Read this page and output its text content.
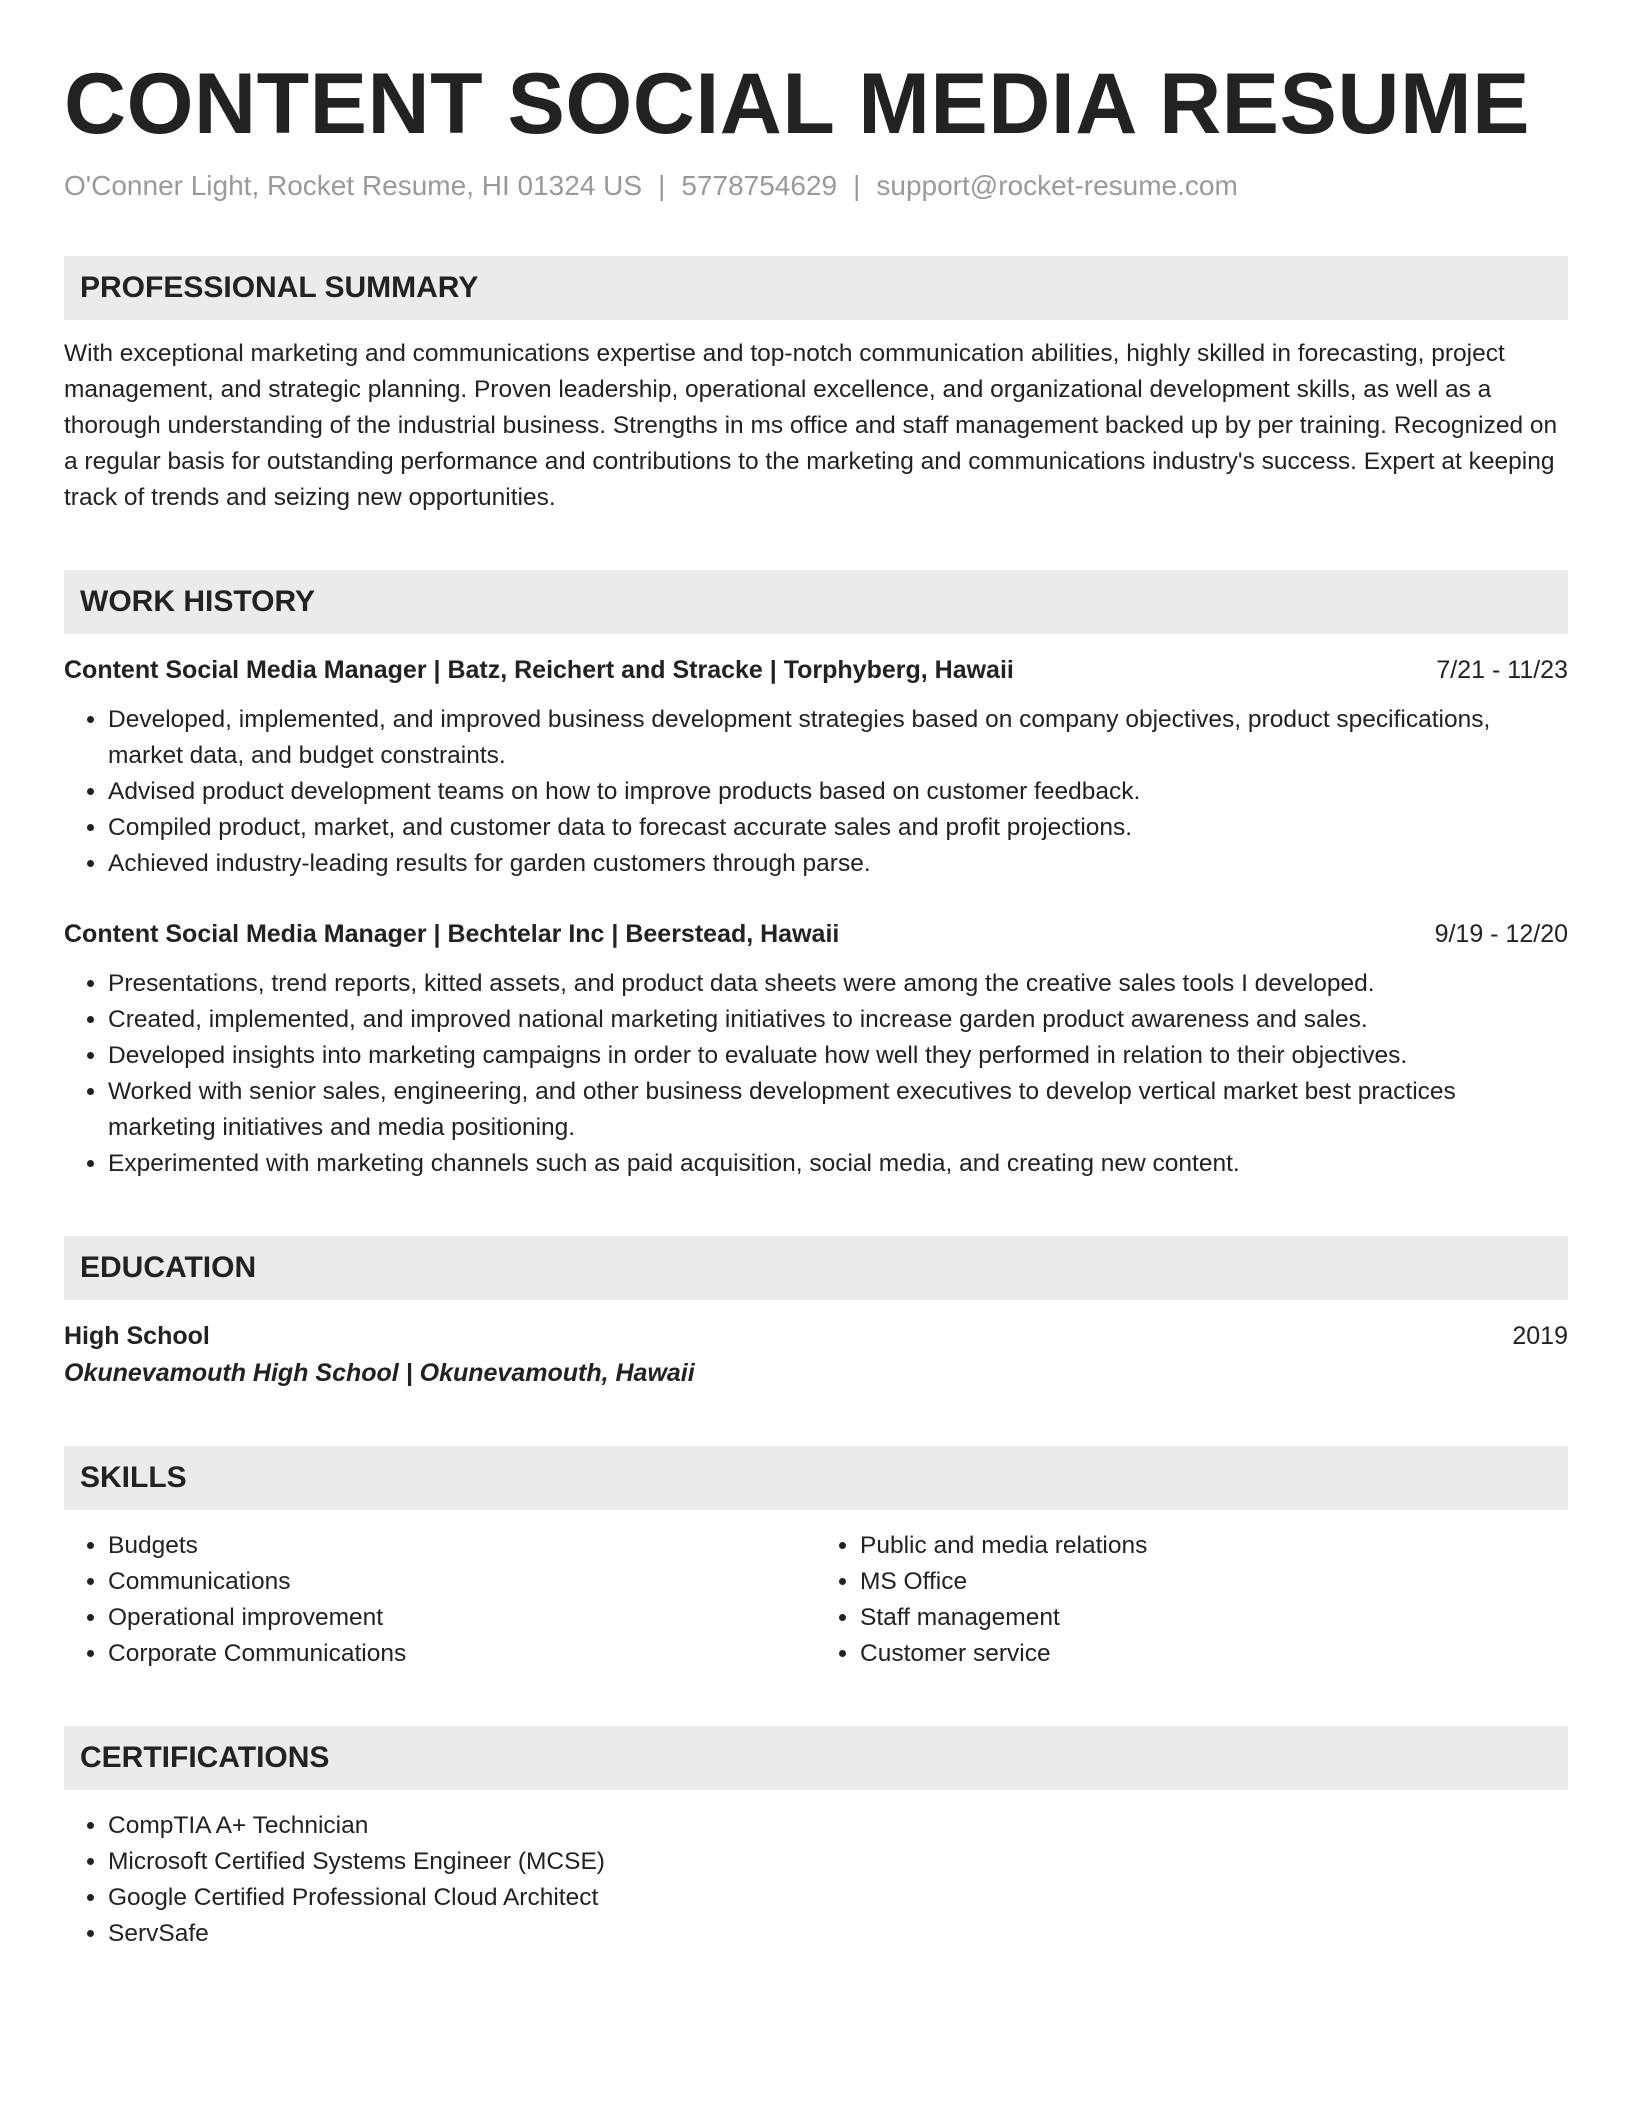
CONTENT SOCIAL MEDIA RESUME
O'Conner Light, Rocket Resume, HI 01324 US | 5778754629 | support@rocket-resume.com
PROFESSIONAL SUMMARY
With exceptional marketing and communications expertise and top-notch communication abilities, highly skilled in forecasting, project management, and strategic planning. Proven leadership, operational excellence, and organizational development skills, as well as a thorough understanding of the industrial business. Strengths in ms office and staff management backed up by per training. Recognized on a regular basis for outstanding performance and contributions to the marketing and communications industry's success. Expert at keeping track of trends and seizing new opportunities.
WORK HISTORY
Content Social Media Manager | Batz, Reichert and Stracke | Torphyberg, Hawaii	7/21 - 11/23
• Developed, implemented, and improved business development strategies based on company objectives, product specifications, market data, and budget constraints.
• Advised product development teams on how to improve products based on customer feedback.
• Compiled product, market, and customer data to forecast accurate sales and profit projections.
• Achieved industry-leading results for garden customers through parse.
Content Social Media Manager | Bechtelar Inc | Beerstead, Hawaii	9/19 - 12/20
• Presentations, trend reports, kitted assets, and product data sheets were among the creative sales tools I developed.
• Created, implemented, and improved national marketing initiatives to increase garden product awareness and sales.
• Developed insights into marketing campaigns in order to evaluate how well they performed in relation to their objectives.
• Worked with senior sales, engineering, and other business development executives to develop vertical market best practices marketing initiatives and media positioning.
• Experimented with marketing channels such as paid acquisition, social media, and creating new content.
EDUCATION
High School	2019
Okunevamouth High School | Okunevamouth, Hawaii
SKILLS
• Budgets
• Communications
• Operational improvement
• Corporate Communications
• Public and media relations
• MS Office
• Staff management
• Customer service
CERTIFICATIONS
• CompTIA A+ Technician
• Microsoft Certified Systems Engineer (MCSE)
• Google Certified Professional Cloud Architect
• ServSafe
